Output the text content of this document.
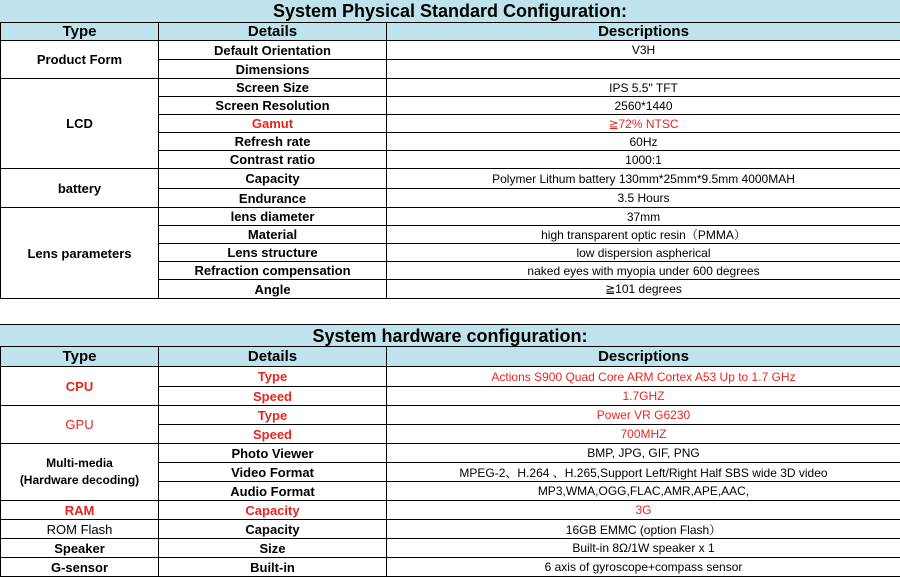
System Physical Standard Configuration:
Type	Details	Descriptions
Product Form	Default Orientation	V3H
	Dimensions	
LCD	Screen Size	IPS 5.5" TFT
	Screen Resolution	2560*1440
	Gamut	≧72% NTSC
	Refresh rate	60Hz
	Contrast ratio	1000:1
battery	Capacity	Polymer Lithum battery 130mm*25mm*9.5mm 4000MAH
	Endurance	3.5 Hours
Lens parameters	lens diameter	37mm
	Material	high transparent optic resin（PMMA）
	Lens structure	low dispersion aspherical
	Refraction compensation	naked eyes with myopia under 600 degrees
	Angle	≧101 degrees
System hardware configuration:
Type	Details	Descriptions
CPU	Type	Actions S900 Quad Core ARM Cortex A53 Up to 1.7 GHz
	Speed	1.7GHZ
GPU	Type	Power VR G6230
	Speed	700MHZ

Multi-media
(Hardware decoding)	Photo Viewer	BMP, JPG, GIF, PNG
	Video Format	MPEG-2、H.264 、H.265,Support Left/Right Half SBS wide 3D video
	Audio Format	MP3,WMA,OGG,FLAC,AMR,APE,AAC,
RAM	Capacity	3G
ROM Flash	Capacity	16GB EMMC (option Flash）
Speaker	Size	Built-in 8Ω/1W speaker x 1
G-sensor	Built-in	6 axis of gyroscope+compass sensor
